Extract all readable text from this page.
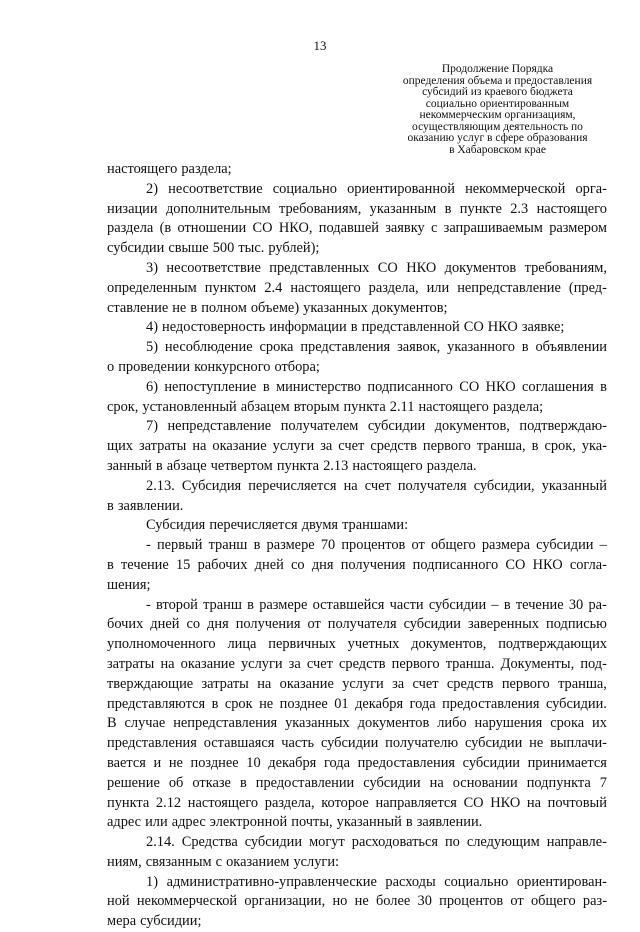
13
Продолжение Порядка
определения объема и предоставления
субсидий из краевого бюджета
социально ориентированным
некоммерческим организациям,
осуществляющим деятельность по
оказанию услуг в сфере образования
в Хабаровском крае
настоящего раздела;
2) несоответствие социально ориентированной некоммерческой орга-
низации дополнительным требованиям, указанным в пункте 2.3 настоящего
раздела (в отношении СО НКО, подавшей заявку с запрашиваемым размером
субсидии свыше 500 тыс. рублей);
3) несоответствие представленных СО НКО документов требованиям,
определенным пунктом 2.4 настоящего раздела, или непредставление (пред-
ставление не в полном объеме) указанных документов;
4) недостоверность информации в представленной СО НКО заявке;
5) несоблюдение срока представления заявок, указанного в объявлении
о проведении конкурсного отбора;
6) непоступление в министерство подписанного СО НКО соглашения в
срок, установленный абзацем вторым пункта 2.11 настоящего раздела;
7) непредставление получателем субсидии документов, подтверждаю-
щих затраты на оказание услуги за счет средств первого транша, в срок, ука-
занный в абзаце четвертом пункта 2.13 настоящего раздела.
2.13. Субсидия перечисляется на счет получателя субсидии, указанный
в заявлении.
Субсидия перечисляется двумя траншами:
- первый транш в размере 70 процентов от общего размера субсидии –
в течение 15 рабочих дней со дня получения подписанного СО НКО согла-
шения;
- второй транш в размере оставшейся части субсидии – в течение 30 ра-
бочих дней со дня получения от получателя субсидии заверенных подписью
уполномоченного лица первичных учетных документов, подтверждающих
затраты на оказание услуги за счет средств первого транша. Документы, под-
тверждающие затраты на оказание услуги за счет средств первого транша,
представляются в срок не позднее 01 декабря года предоставления субсидии.
В случае непредставления указанных документов либо нарушения срока их
представления оставшаяся часть субсидии получателю субсидии не выплачи-
вается и не позднее 10 декабря года предоставления субсидии принимается
решение об отказе в предоставлении субсидии на основании подпункта 7
пункта 2.12 настоящего раздела, которое направляется СО НКО на почтовый
адрес или адрес электронной почты, указанный в заявлении.
2.14. Средства субсидии могут расходоваться по следующим направле-
ниям, связанным с оказанием услуги:
1) административно-управленческие расходы социально ориентирован-
ной некоммерческой организации, но не более 30 процентов от общего раз-
мера субсидии;
